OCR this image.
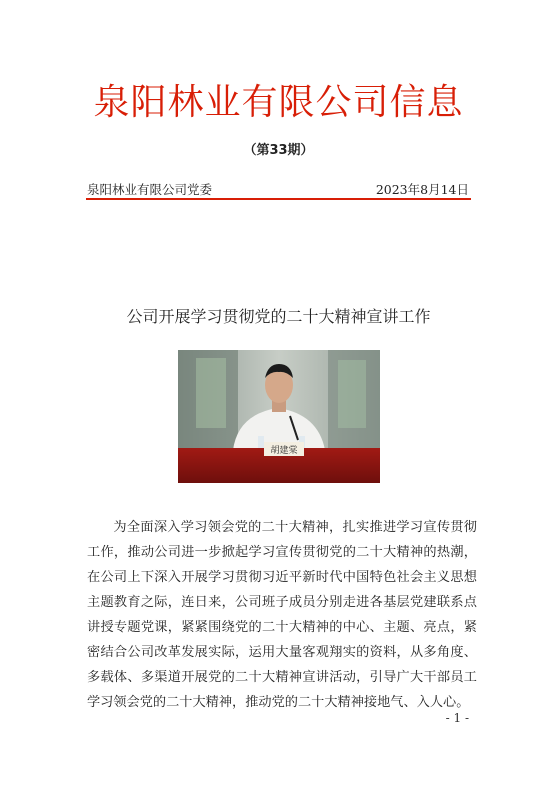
泉阳林业有限公司信息
（第33期）
泉阳林业有限公司党委	2023年8月14日
公司开展学习贯彻党的二十大精神宣讲工作
胡建棠

为全面深入学习领会党的二十大精神，扎实推进学习宣传贯彻工作，推动公司进一步掀起学习宣传贯彻党的二十大精神的热潮，在公司上下深入开展学习贯彻习近平新时代中国特色社会主义思想主题教育之际，连日来，公司班子成员分别走进各基层党建联系点讲授专题党课，紧紧围绕党的二十大精神的中心、主题、亮点，紧密结合公司改革发展实际，运用大量客观翔实的资料，从多角度、多载体、多渠道开展党的二十大精神宣讲活动，引导广大干部员工学习领会党的二十大精神，推动党的二十大精神接地气、入人心。

- 1 -
